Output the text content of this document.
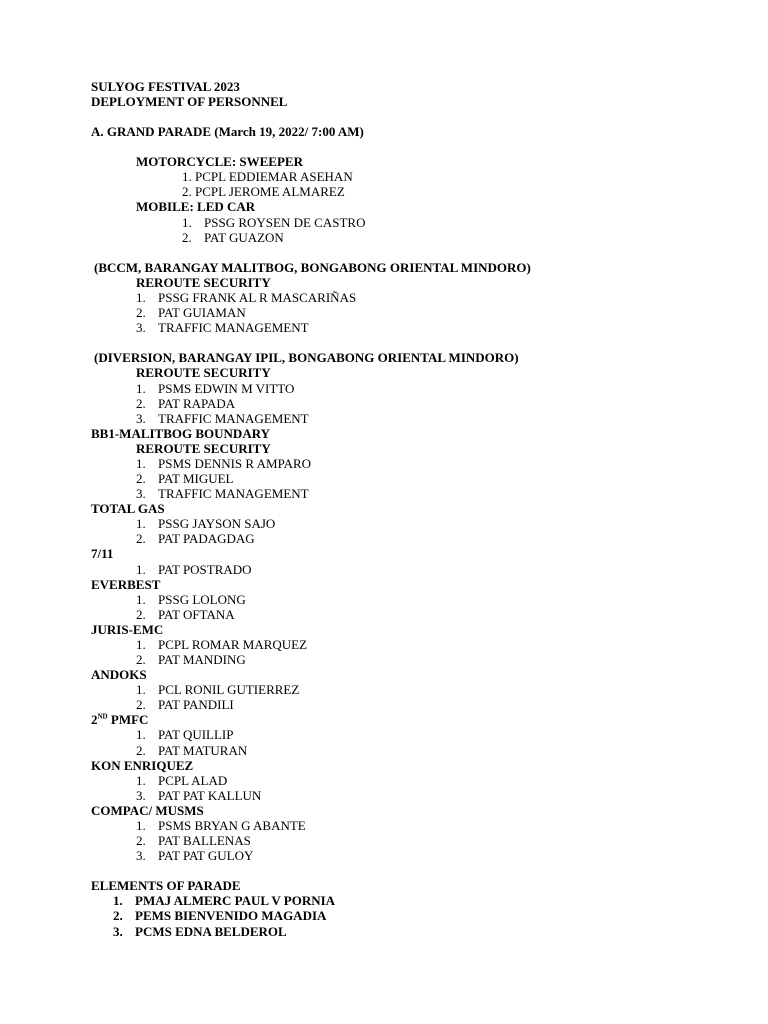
SULYOG FESTIVAL 2023
DEPLOYMENT OF PERSONNEL
A. GRAND PARADE (March 19, 2022/ 7:00 AM)
MOTORCYCLE: SWEEPER
1. PCPL EDDIEMAR ASEHAN
2. PCPL JEROME ALMAREZ
MOBILE: LED CAR
1. PSSG ROYSEN DE CASTRO
2. PAT GUAZON
(BCCM, BARANGAY MALITBOG, BONGABONG ORIENTAL MINDORO)
REROUTE SECURITY
1. PSSG FRANK AL R MASCARIÑAS
2. PAT GUIAMAN
3. TRAFFIC MANAGEMENT
(DIVERSION, BARANGAY IPIL, BONGABONG ORIENTAL MINDORO)
REROUTE SECURITY
1. PSMS EDWIN M VITTO
2. PAT RAPADA
3. TRAFFIC MANAGEMENT
BB1-MALITBOG BOUNDARY
REROUTE SECURITY
1. PSMS DENNIS R AMPARO
2. PAT MIGUEL
3. TRAFFIC MANAGEMENT
TOTAL GAS
1. PSSG JAYSON SAJO
2. PAT PADAGDAG
7/11
1. PAT POSTRADO
EVERBEST
1. PSSG LOLONG
2. PAT OFTANA
JURIS-EMC
1. PCPL ROMAR MARQUEZ
2. PAT MANDING
ANDOKS
1. PCL RONIL GUTIERREZ
2. PAT PANDILI
2ND PMFC
1. PAT QUILLIP
2. PAT MATURAN
KON ENRIQUEZ
1. PCPL ALAD
3. PAT PAT KALLUN
COMPAC/ MUSMS
1. PSMS BRYAN G ABANTE
2. PAT BALLENAS
3. PAT PAT GULOY
ELEMENTS OF PARADE
1. PMAJ ALMERC PAUL V PORNIA
2. PEMS BIENVENIDO MAGADIA
3. PCMS EDNA BELDEROL
